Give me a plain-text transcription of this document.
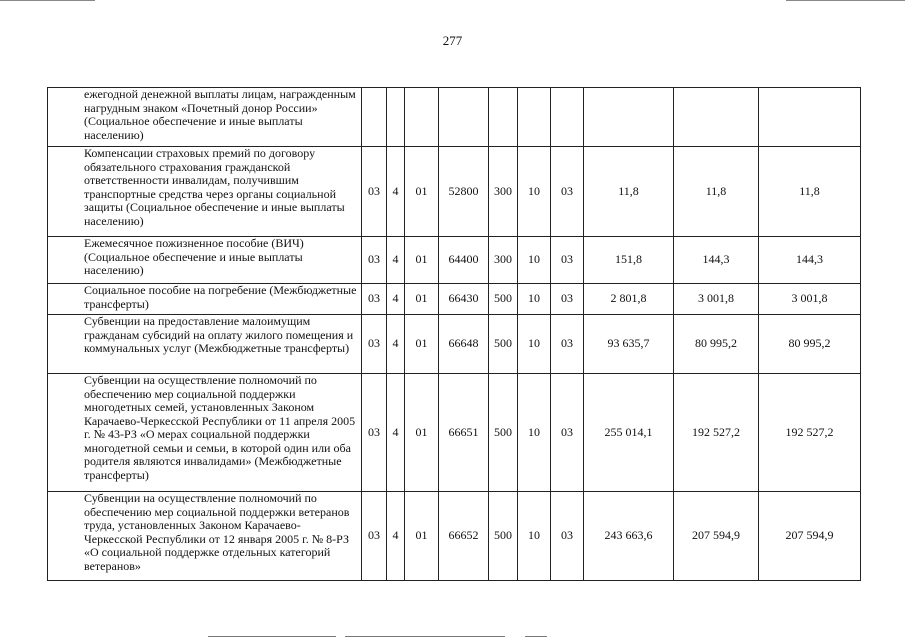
277
ежегодной денежной выплаты лицам, награжденным нагрудным знаком «Почетный донор России» (Социальное обеспечение и иные выплаты населению)										
Компенсации страховых премий по договору обязательного страхования гражданской ответственности инвалидам, получившим транспортные средства через органы социальной защиты (Социальное обеспечение и иные выплаты населению)	03	4	01	52800	300	10	03	11,8	11,8	11,8
Ежемесячное пожизненное пособие (ВИЧ) (Социальное обеспечение и иные выплаты населению)	03	4	01	64400	300	10	03	151,8	144,3	144,3
Социальное пособие на погребение (Межбюджетные трансферты)	03	4	01	66430	500	10	03	2 801,8	3 001,8	3 001,8
Субвенции на предоставление малоимущим гражданам субсидий на оплату жилого помещения и коммунальных услуг (Межбюджетные трансферты)	03	4	01	66648	500	10	03	93 635,7	80 995,2	80 995,2
Субвенции на осуществление полномочий по обеспечению мер социальной поддержки многодетных семей, установленных Законом Карачаево-Черкесской Республики от 11 апреля 2005 г. № 43-РЗ «О мерах социальной поддержки многодетной семьи и семьи, в которой один или оба родителя являются инвалидами» (Межбюджетные трансферты)	03	4	01	66651	500	10	03	255 014,1	192 527,2	192 527,2
Субвенции на осуществление полномочий по обеспечению мер социальной поддержки ветеранов труда, установленных Законом Карачаево-Черкесской Республики от 12 января 2005 г. № 8-РЗ «О социальной поддержке отдельных категорий ветеранов»	03	4	01	66652	500	10	03	243 663,6	207 594,9	207 594,9
